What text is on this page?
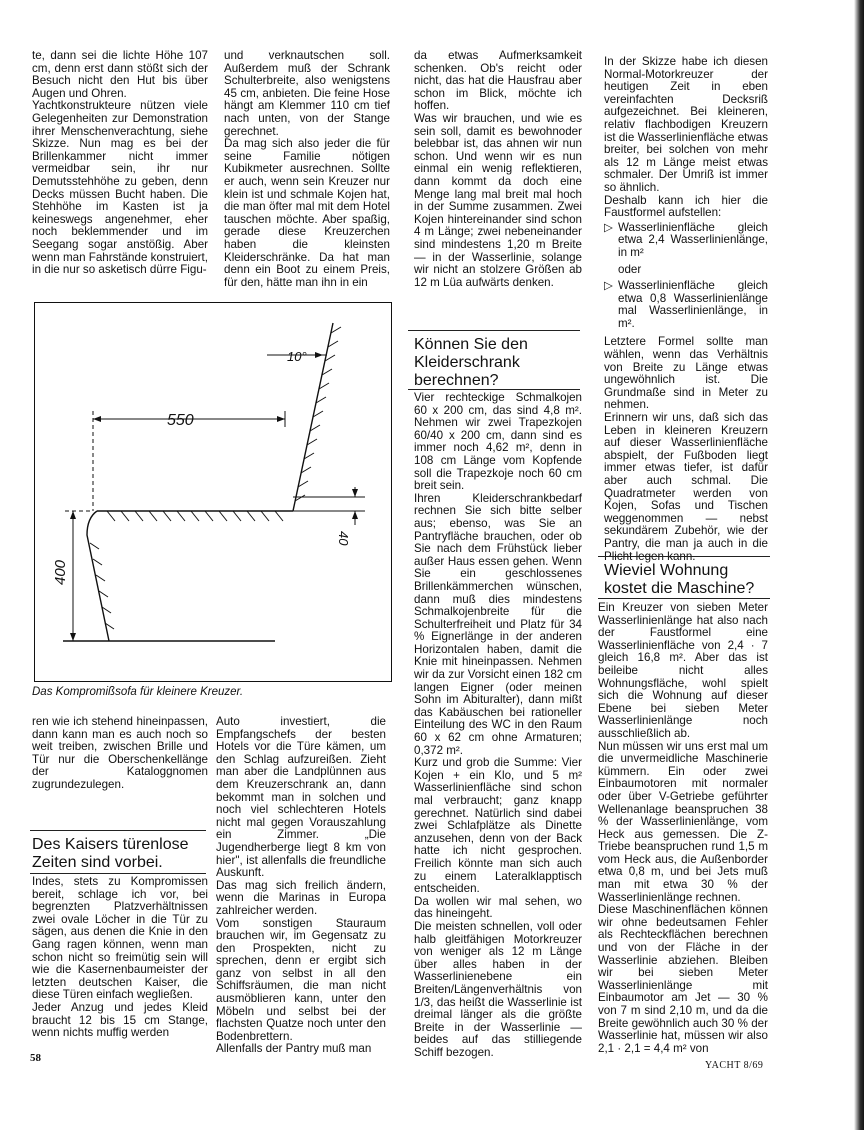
te, dann sei die lichte Höhe 107 cm, denn erst dann stößt sich der Besuch nicht den Hut bis über Augen und Ohren.

Yachtkonstrukteure nützen viele Gelegenheiten zur Demonstration ihrer Menschenverachtung, siehe Skizze. Nun mag es bei der Brillenkammer nicht immer vermeidbar sein, ihr nur Demutsstehhöhe zu geben, denn Decks müssen Bucht haben. Die Stehhöhe im Kasten ist ja keineswegs angenehmer, eher noch beklemmender und im Seegang sogar anstößig. Aber wenn man Fahrstände konstruiert, in die nur so asketisch dürre Figu-

und verknautschen soll. Außerdem muß der Schrank Schulterbreite, also wenigstens 45 cm, anbieten. Die feine Hose hängt am Klemmer 110 cm tief nach unten, von der Stange gerechnet.

Da mag sich also jeder die für seine Familie nötigen Kubikmeter ausrechnen. Sollte er auch, wenn sein Kreuzer nur klein ist und schmale Kojen hat, die man öfter mal mit dem Hotel tauschen möchte. Aber spaßig, gerade diese Kreuzerchen haben die kleinsten Kleiderschränke. Da hat man denn ein Boot zu einem Preis, für den, hätte man ihn in ein

da etwas Aufmerksamkeit schenken. Ob's reicht oder nicht, das hat die Hausfrau aber schon im Blick, möchte ich hoffen.

Was wir brauchen, und wie es sein soll, damit es bewohnoder belebbar ist, das ahnen wir nun schon. Und wenn wir es nun einmal ein wenig reflektieren, dann kommt da doch eine Menge lang mal breit mal hoch in der Summe zusammen. Zwei Kojen hintereinander sind schon 4 m Länge; zwei nebeneinander sind mindestens 1,20 m Breite — in der Wasserlinie, solange wir nicht an stolzere Größen ab 12 m Lüa aufwärts denken.

Können Sie den Kleiderschrank berechnen?

Vier rechteckige Schmalkojen 60 x 200 cm, das sind 4,8 m². Nehmen wir zwei Trapezkojen 60/40 x 200 cm, dann sind es immer noch 4,62 m², denn in 108 cm Länge vom Kopfende soll die Trapezkoje noch 60 cm breit sein.

Ihren Kleiderschrankbedarf rechnen Sie sich bitte selber aus; ebenso, was Sie an Pantryfläche brauchen, oder ob Sie nach dem Frühstück lieber außer Haus essen gehen. Wenn Sie ein geschlossenes Brillenkämmerchen wünschen, dann muß dies mindestens Schmalkojenbreite für die Schulterfreiheit und Platz für 34 % Eignerlänge in der anderen Horizontalen haben, damit die Knie mit hineinpassen. Nehmen wir da zur Vorsicht einen 182 cm langen Eigner (oder meinen Sohn im Abituralter), dann mißt das Kabäuschen bei rationeller Einteilung des WC in den Raum 60 x 62 cm ohne Armaturen; 0,372 m².

Kurz und grob die Summe: Vier Kojen + ein Klo, und 5 m² Wasserlinienfläche sind schon mal verbraucht; ganz knapp gerechnet. Natürlich sind dabei zwei Schlafplätze als Dinette anzusehen, denn von der Back hatte ich nicht gesprochen. Freilich könnte man sich auch zu einem Lateralklapptisch entscheiden.

Da wollen wir mal sehen, wo das hineingeht.

Die meisten schnellen, voll oder halb gleitfähigen Motorkreuzer von weniger als 12 m Länge über alles haben in der Wasserlinienebene ein Breiten/Längenverhältnis von 1/3, das heißt die Wasserlinie ist dreimal länger als die größte Breite in der Wasserlinie — beides auf das stilliegende Schiff bezogen.

In der Skizze habe ich diesen Normal-Motorkreuzer der heutigen Zeit in eben vereinfachten Decksriß aufgezeichnet. Bei kleineren, relativ flachbodigen Kreuzern ist die Wasserlinienfläche etwas breiter, bei solchen von mehr als 12 m Länge meist etwas schmaler. Der Umriß ist immer so ähnlich.

Deshalb kann ich hier die Faustformel aufstellen:

▷ Wasserlinienfläche gleich etwa 2,4 Wasserlinienlänge, in m²
oder
▷ Wasserlinienfläche gleich etwa 0,8 Wasserlinienlänge mal Wasserlinienlänge, in m².

Letztere Formel sollte man wählen, wenn das Verhältnis von Breite zu Länge etwas ungewöhnlich ist. Die Grundmaße sind in Meter zu nehmen.

Erinnern wir uns, daß sich das Leben in kleineren Kreuzern auf dieser Wasserlinienfläche abspielt, der Fußboden liegt immer etwas tiefer, ist dafür aber auch schmal. Die Quadratmeter werden von Kojen, Sofas und Tischen weggenommen — nebst sekundärem Zubehör, wie der Pantry, die man ja auch in die Plicht legen kann.

Wieviel Wohnung kostet die Maschine?

Ein Kreuzer von sieben Meter Wasserlinienlänge hat also nach der Faustformel eine Wasserlinienfläche von 2,4 · 7 gleich 16,8 m². Aber das ist beileibe nicht alles Wohnungsfläche, wohl spielt sich die Wohnung auf dieser Ebene bei sieben Meter Wasserlinienlänge noch ausschließlich ab.

Nun müssen wir uns erst mal um die unvermeidliche Maschinerie kümmern. Ein oder zwei Einbaumotoren mit normaler oder über V-Getriebe geführter Wellenanlage beanspruchen 38 % der Wasserlinienlänge, vom Heck aus gemessen. Die Z-Triebe beanspruchen rund 1,5 m vom Heck aus, die Außenborder etwa 0,8 m, und bei Jets muß man mit etwa 30 % der Wasserlinienlänge rechnen.

Diese Maschinenflächen können wir ohne bedeutsamen Fehler als Rechteckflächen berechnen und von der Fläche in der Wasserlinie abziehen. Bleiben wir bei sieben Meter Wasserlinienlänge mit Einbaumotor am Jet — 30 % von 7 m sind 2,10 m, und da die Breite gewöhnlich auch 30 % der Wasserlinie hat, müssen wir also 2,1 · 2,1 = 4,4 m² von

550
10°
40
400
Das Kompromißsofa für kleinere Kreuzer.

ren wie ich stehend hineinpassen, dann kann man es auch noch so weit treiben, zwischen Brille und Tür nur die Oberschenkellänge der Kataloggnomen zugrundezulegen.

Des Kaisers türenlose Zeiten sind vorbei.

Indes, stets zu Kompromissen bereit, schlage ich vor, bei begrenzten Platzverhältnissen zwei ovale Löcher in die Tür zu sägen, aus denen die Knie in den Gang ragen können, wenn man schon nicht so freimütig sein will wie die Kasernenbaumeister der letzten deutschen Kaiser, die diese Türen einfach wegließen.

Jeder Anzug und jedes Kleid braucht 12 bis 15 cm Stange, wenn nichts muffig werden

Auto investiert, die Empfangschefs der besten Hotels vor die Türe kämen, um den Schlag aufzureißen. Zieht man aber die Landplünnen aus dem Kreuzerschrank an, dann bekommt man in solchen und noch viel schlechteren Hotels nicht mal gegen Vorauszahlung ein Zimmer. „Die Jugendherberge liegt 8 km von hier", ist allenfalls die freundliche Auskunft.

Das mag sich freilich ändern, wenn die Marinas in Europa zahlreicher werden.

Vom sonstigen Stauraum brauchen wir, im Gegensatz zu den Prospekten, nicht zu sprechen, denn er ergibt sich ganz von selbst in all den Schiffsräumen, die man nicht ausmöblieren kann, unter den Möbeln und selbst bei der flachsten Quatze noch unter den Bodenbrettern.

Allenfalls der Pantry muß man

58
YACHT 8/69
